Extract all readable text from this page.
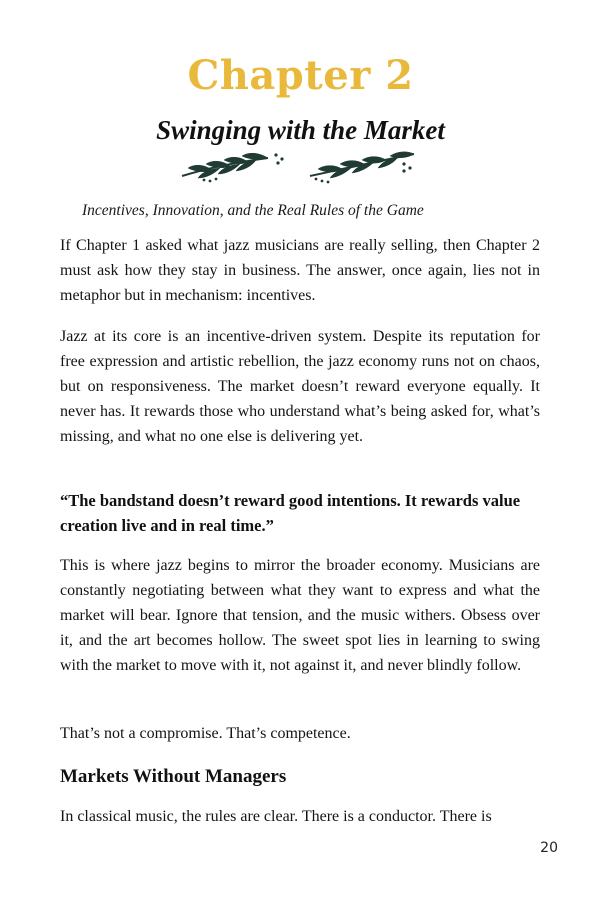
Chapter 2
Swinging with the Market
Incentives, Innovation, and the Real Rules of the Game

If Chapter 1 asked what jazz musicians are really selling, then Chapter 2 must ask how they stay in business. The answer, once again, lies not in metaphor but in mechanism: incentives.

Jazz at its core is an incentive-driven system. Despite its reputation for free expression and artistic rebellion, the jazz economy runs not on chaos, but on responsiveness. The market doesn’t reward everyone equally. It never has. It rewards those who understand what’s being asked for, what’s missing, and what no one else is delivering yet.

“The bandstand doesn’t reward good intentions. It rewards value creation live and in real time.”

This is where jazz begins to mirror the broader economy. Musicians are constantly negotiating between what they want to express and what the market will bear. Ignore that tension, and the music withers. Obsess over it, and the art becomes hollow. The sweet spot lies in learning to swing with the market to move with it, not against it, and never blindly follow.

That’s not a compromise. That’s competence.

Markets Without Managers

In classical music, the rules are clear. There is a conductor. There is

20
